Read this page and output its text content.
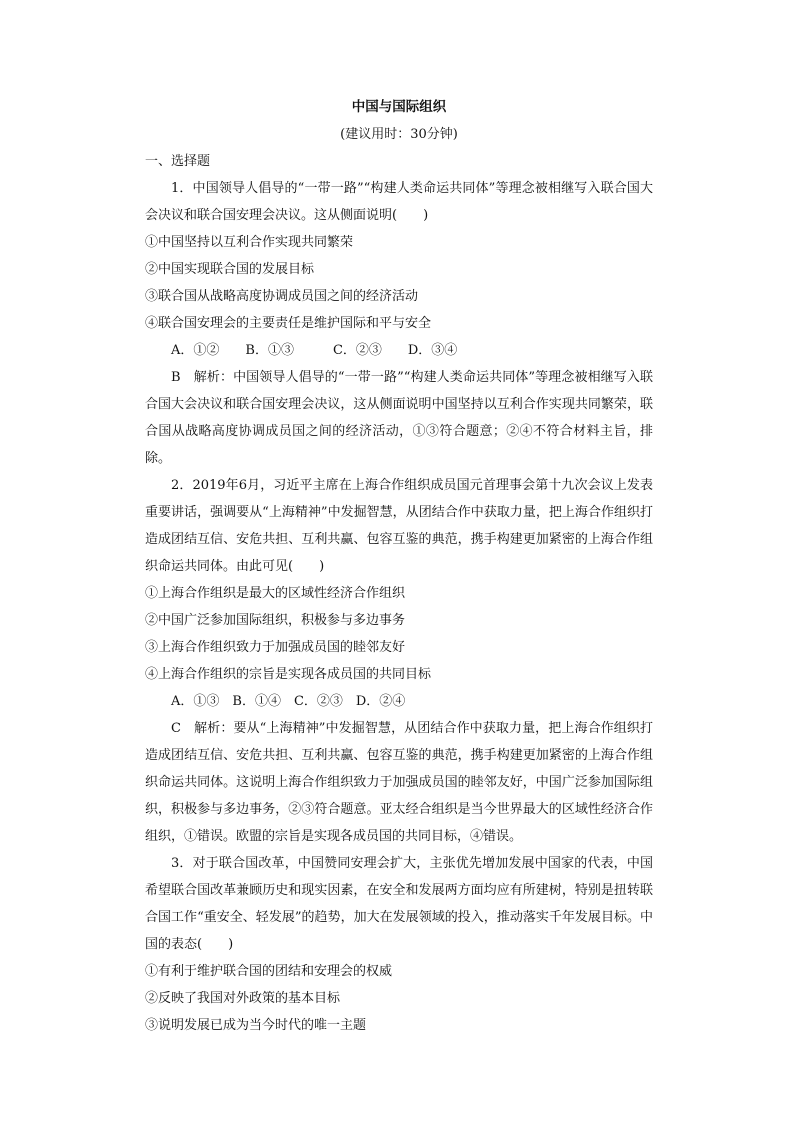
中国与国际组织

(建议用时：30分钟)

一、选择题

1．中国领导人倡导的“一带一路”“构建人类命运共同体”等理念被相继写入联合国大会决议和联合国安理会决议。这从侧面说明(　　)

①中国坚持以互利合作实现共同繁荣

②中国实现联合国的发展目标

③联合国从战略高度协调成员国之间的经济活动

④联合国安理会的主要责任是维护国际和平与安全

A．①②　　B．①③　　　C．②③　　D．③④

B　解析：中国领导人倡导的“一带一路”“构建人类命运共同体”等理念被相继写入联合国大会决议和联合国安理会决议，这从侧面说明中国坚持以互利合作实现共同繁荣，联合国从战略高度协调成员国之间的经济活动，①③符合题意；②④不符合材料主旨，排除。

2．2019年6月，习近平主席在上海合作组织成员国元首理事会第十九次会议上发表重要讲话，强调要从“上海精神”中发掘智慧，从团结合作中获取力量，把上海合作组织打造成团结互信、安危共担、互利共赢、包容互鉴的典范，携手构建更加紧密的上海合作组织命运共同体。由此可见(　　)

①上海合作组织是最大的区域性经济合作组织

②中国广泛参加国际组织，积极参与多边事务

③上海合作组织致力于加强成员国的睦邻友好

④上海合作组织的宗旨是实现各成员国的共同目标

A．①③　B．①④　C．②③　D．②④

C　解析：要从“上海精神”中发掘智慧，从团结合作中获取力量，把上海合作组织打造成团结互信、安危共担、互利共赢、包容互鉴的典范，携手构建更加紧密的上海合作组织命运共同体。这说明上海合作组织致力于加强成员国的睦邻友好，中国广泛参加国际组织，积极参与多边事务，②③符合题意。亚太经合组织是当今世界最大的区域性经济合作组织，①错误。欧盟的宗旨是实现各成员国的共同目标，④错误。

3．对于联合国改革，中国赞同安理会扩大，主张优先增加发展中国家的代表，中国希望联合国改革兼顾历史和现实因素，在安全和发展两方面均应有所建树，特别是扭转联合国工作“重安全、轻发展”的趋势，加大在发展领域的投入，推动落实千年发展目标。中国的表态(　　)

①有利于维护联合国的团结和安理会的权威

②反映了我国对外政策的基本目标

③说明发展已成为当今时代的唯一主题
